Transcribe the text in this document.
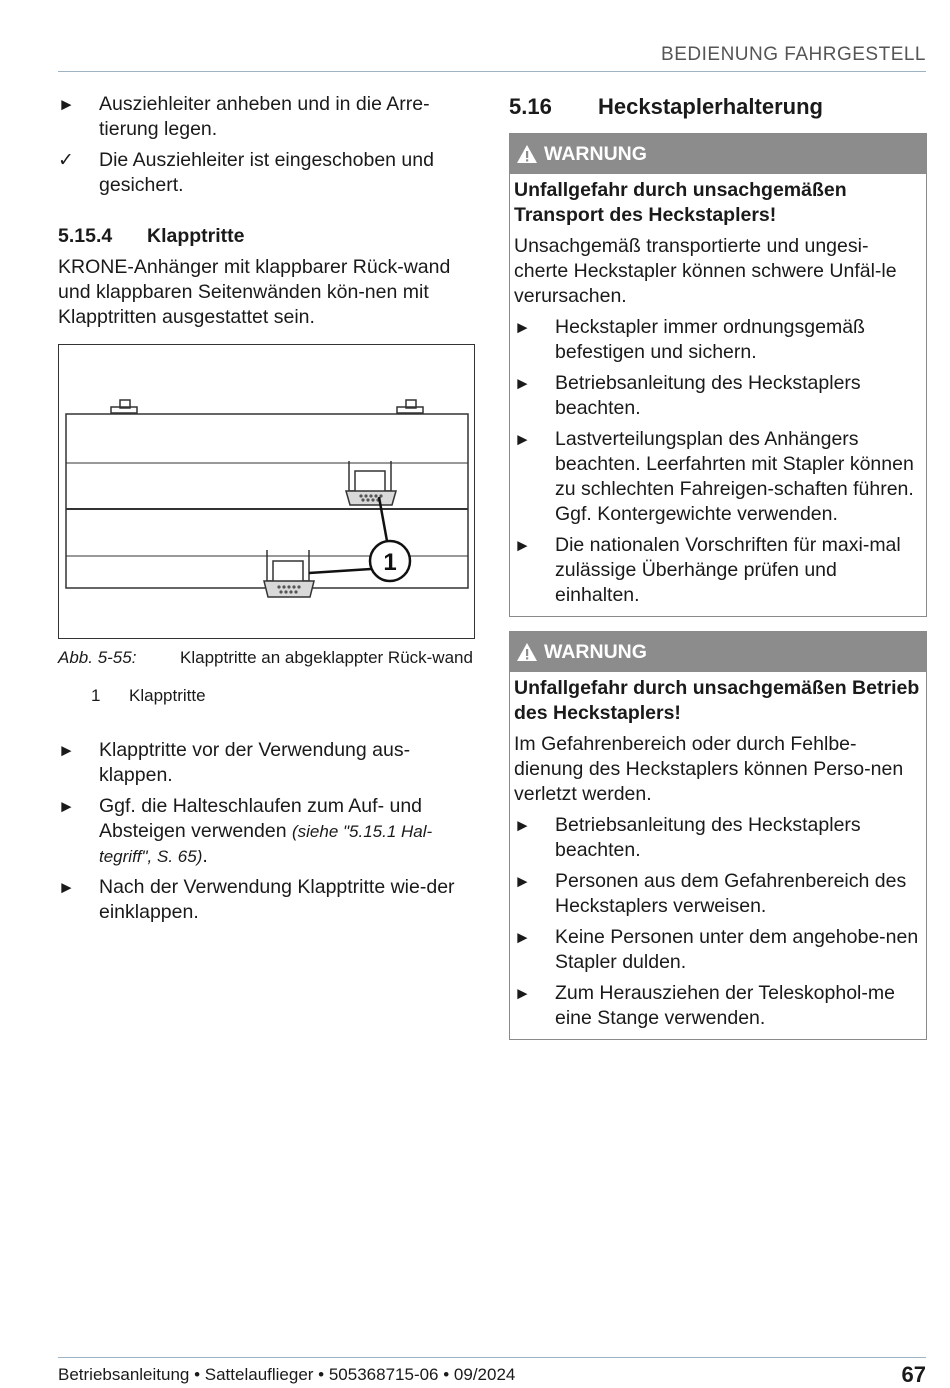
BEDIENUNG FAHRGESTELL
►	Ausziehleiter anheben und in die Arre-tierung legen.
✓	Die Ausziehleiter ist eingeschoben und gesichert.
5.15.4	Klapptritte
KRONE-Anhänger mit klappbarer Rück-wand und klappbaren Seitenwänden kön-nen mit Klapptritten ausgestattet sein.
1
Abb. 5-55:	Klapptritte an abgeklappter Rück-wand
1	Klapptritte
►	Klapptritte vor der Verwendung aus-klappen.
►	Ggf. die Halteschlaufen zum Auf- und Absteigen verwenden (siehe "5.15.1 Hal-tegriff", S. 65).
►	Nach der Verwendung Klapptritte wie-der einklappen.
5.16	Heckstaplerhalterung
WARNUNG
Unfallgefahr durch unsachgemäßen Transport des Heckstaplers!
Unsachgemäß transportierte und ungesi-cherte Heckstapler können schwere Unfäl-le verursachen.
►	Heckstapler immer ordnungsgemäß befestigen und sichern.
►	Betriebsanleitung des Heckstaplers beachten.
►	Lastverteilungsplan des Anhängers beachten. Leerfahrten mit Stapler können zu schlechten Fahreigen-schaften führen. Ggf. Kontergewichte verwenden.
►	Die nationalen Vorschriften für maxi-mal zulässige Überhänge prüfen und einhalten.
WARNUNG
Unfallgefahr durch unsachgemäßen Betrieb des Heckstaplers!
Im Gefahrenbereich oder durch Fehlbe-dienung des Heckstaplers können Perso-nen verletzt werden.
►	Betriebsanleitung des Heckstaplers beachten.
►	Personen aus dem Gefahrenbereich des Heckstaplers verweisen.
►	Keine Personen unter dem angehobe-nen Stapler dulden.
►	Zum Herausziehen der Teleskophol-me eine Stange verwenden.
Betriebsanleitung • Sattelauflieger • 505368715-06 • 09/2024	67
